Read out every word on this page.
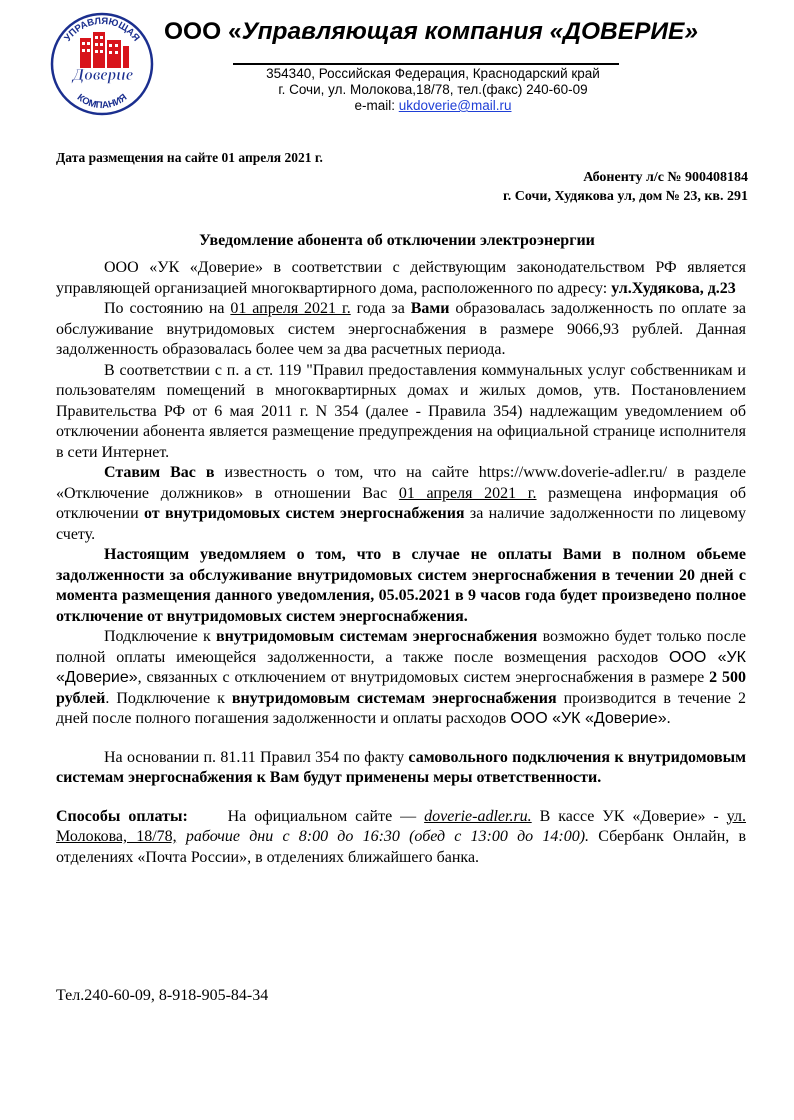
УПРАВЛЯЮЩАЯ
КОМПАНИЯ
Доверие
ООО «Управляющая компания «ДОВЕРИЕ»

354340, Российская Федерация, Краснодарский край

г. Сочи, ул. Молокова,18/78, тел.(факс) 240-60-09

e-mail: ukdoverie@mail.ru

Дата размещения на сайте 01 апреля 2021 г.
Абоненту л/с № 900408184
г. Сочи, Худякова ул, дом № 23, кв. 291
Уведомление абонента об отключении электроэнергии

ООО «УК «Доверие» в соответствии с действующим законодательством РФ является управляющей организацией многоквартирного дома, расположенного по адресу: ул.Худякова, д.23

По состоянию на 01 апреля 2021 г. года за Вами образовалась задолженность по оплате за обслуживание внутридомовых систем энергоснабжения в размере 9066,93 рублей. Данная задолженность образовалась более чем за два расчетных периода.

В соответствии с п. а ст. 119 "Правил предоставления коммунальных услуг собственникам и пользователям помещений в многоквартирных домах и жилых домов, утв. Постановлением Правительства РФ от 6 мая 2011 г. N 354 (далее - Правила 354) надлежащим уведомлением об отключении абонента является размещение предупреждения на официальной странице исполнителя в сети Интернет.

Ставим Вас в известность о том, что на сайте https://www.doverie-adler.ru/ в разделе «Отключение должников» в отношении Вас 01 апреля 2021 г. размещена информация об отключении от внутридомовых систем энергоснабжения за наличие задолженности по лицевому счету.

Настоящим уведомляем о том, что в случае не оплаты Вами в полном обьеме задолженности за обслуживание внутридомовых систем энергоснабжения в течении 20 дней с момента размещения данного уведомления, 05.05.2021 в 9 часов года будет произведено полное отключение от внутридомовых систем энергоснабжения.

Подключение к внутридомовым системам энергоснабжения возможно будет только после полной оплаты имеющейся задолженности, а также после возмещения расходов ООО «УК «Доверие», связанных с отключением от внутридомовых систем энергоснабжения в размере 2 500 рублей. Подключение к внутридомовым системам энергоснабжения производится в течение 2 дней после полного погашения задолженности и оплаты расходов ООО «УК «Доверие».

На основании п. 81.11 Правил 354 по факту самовольного подключения к внутридомовым системам энергоснабжения к Вам будут применены меры ответственности.

Способы оплаты:     На официальном сайте — doverie-adler.ru. В кассе УК «Доверие» - ул. Молокова, 18/78, рабочие дни с 8:00 до 16:30 (обед с 13:00 до 14:00). Сбербанк Онлайн, в отделениях «Почта России», в отделениях ближайшего банка.

Тел.240-60-09, 8-918-905-84-34
